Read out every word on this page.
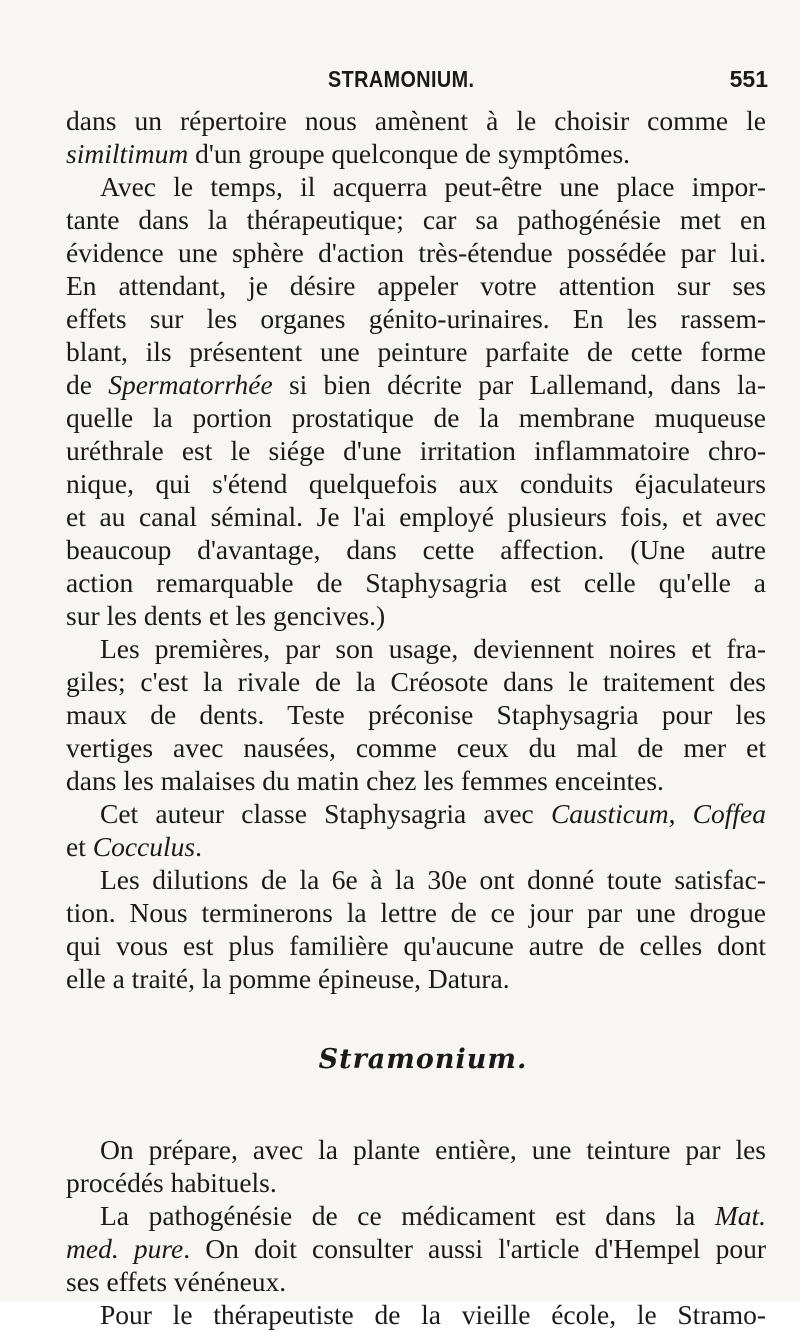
STRAMONIUM.	551
dans un répertoire nous amènent à le choisir comme le
similtimum d'un groupe quelconque de symptômes.
Avec le temps, il acquerra peut-être une place impor-
tante dans la thérapeutique; car sa pathogénésie met en
évidence une sphère d'action très-étendue possédée par lui.
En attendant, je désire appeler votre attention sur ses
effets sur les organes génito-urinaires. En les rassem-
blant, ils présentent une peinture parfaite de cette forme
de Spermatorrhée si bien décrite par Lallemand, dans la-
quelle la portion prostatique de la membrane muqueuse
uréthrale est le siége d'une irritation inflammatoire chro-
nique, qui s'étend quelquefois aux conduits éjaculateurs
et au canal séminal. Je l'ai employé plusieurs fois, et avec
beaucoup d'avantage, dans cette affection. (Une autre
action remarquable de Staphysagria est celle qu'elle a
sur les dents et les gencives.)
Les premières, par son usage, deviennent noires et fra-
giles; c'est la rivale de la Créosote dans le traitement des
maux de dents. Teste préconise Staphysagria pour les
vertiges avec nausées, comme ceux du mal de mer et
dans les malaises du matin chez les femmes enceintes.
Cet auteur classe Staphysagria avec Causticum, Coffea
et Cocculus.
Les dilutions de la 6e à la 30e ont donné toute satisfac-
tion. Nous terminerons la lettre de ce jour par une drogue
qui vous est plus familière qu'aucune autre de celles dont
elle a traité, la pomme épineuse, Datura.
Stramonium.
On prépare, avec la plante entière, une teinture par les
procédés habituels.
La pathogénésie de ce médicament est dans la Mat.
med. pure. On doit consulter aussi l'article d'Hempel pour
ses effets vénéneux.
Pour le thérapeutiste de la vieille école, le Stramo-
